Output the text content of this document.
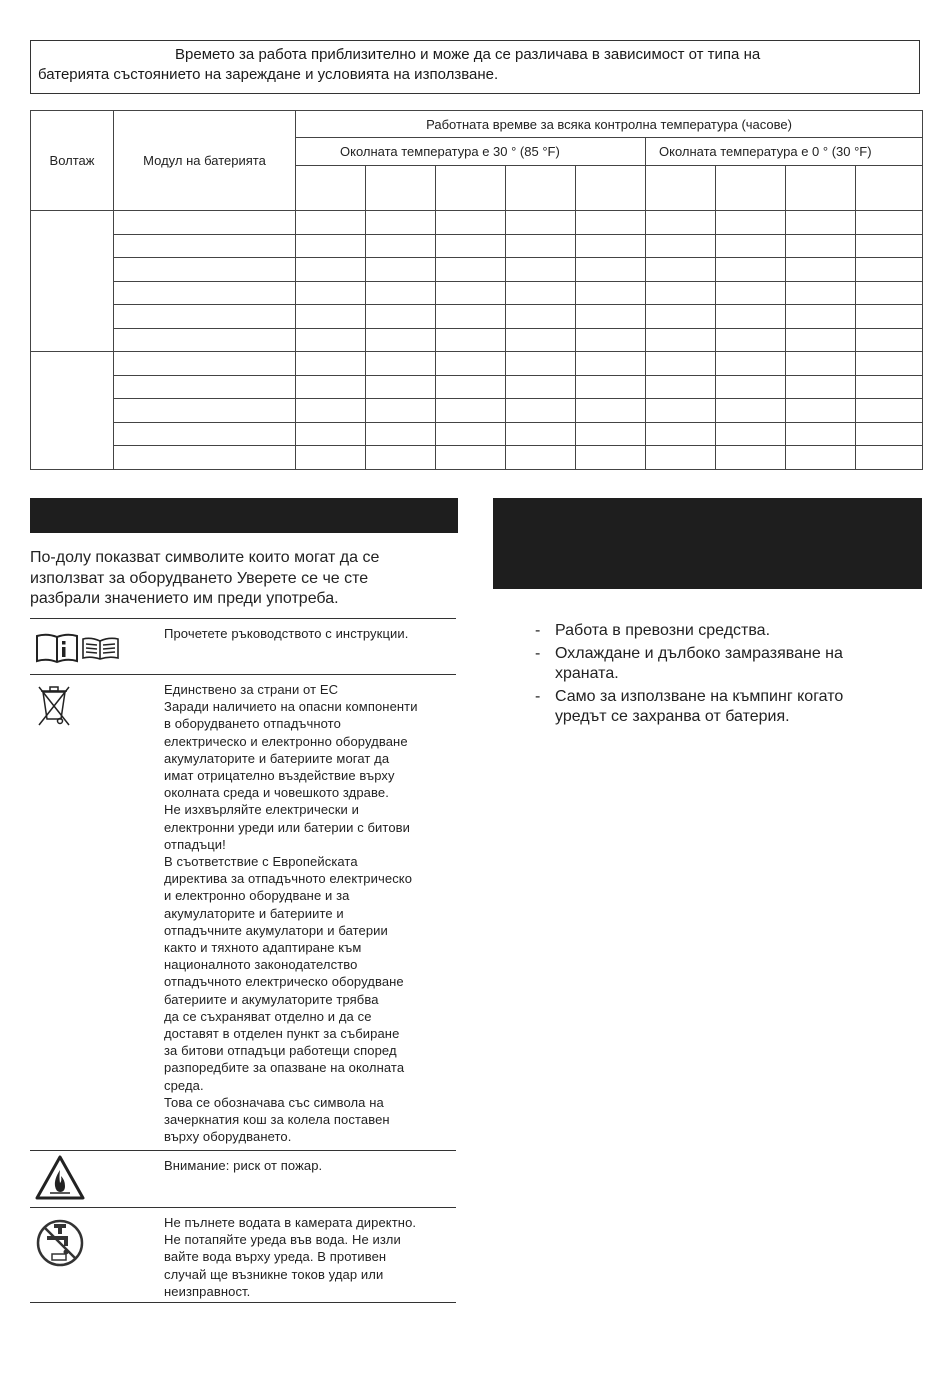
Времето за работа приблизително и може да се различава в зависимост от типа на
батерията състоянието на зареждане и условията на използване.
Волтаж	Модул на батерията	Работната времве за всяка контролна температура (часове)								
		Околната температура е 30 ° (85 °F)					Околната температура е 0 ° (30 °F)			

По-долу показват символите които могат да се
използват за оборудването Уверете се че сте
разбрали значението им преди употреба.
Прочетете ръководството с инструкции.
Единствено за страни от ЕС
Заради наличието на опасни компоненти
в оборудването отпадъчното
електрическо и електронно оборудване
акумулаторите и батериите могат да
имат отрицателно въздействие върху
околната среда и човешкото здраве.
Не изхвърляйте електрически и
електронни уреди или батерии с битови
отпадъци!
В съответствие с Европейската
директива за отпадъчното електрическо
и електронно оборудване и за
акумулаторите и батериите и
отпадъчните акумулатори и батерии
както и тяхното адаптиране към
националното законодателство
отпадъчното електрическо оборудване
батериите и акумулаторите трябва
да се съхраняват отделно и да се
доставят в отделен пункт за събиране
за битови отпадъци работещи според
разпоредбите за опазване на околната
среда.
Това се обозначава със символа на
зачеркнатия кош за колела поставен
върху оборудването.
Внимание: риск от пожар.
Не пълнете водата в камерата директно.
Не потапяйте уреда във вода. Не изли
вайте вода върху уреда. В противен
случай ще възникне токов удар или
неизправност.
- Работа в превозни средства.
- Охлаждане и дълбоко замразяване на
храната.
- Само за използване на къмпинг когато
уредът се захранва от батерия.
